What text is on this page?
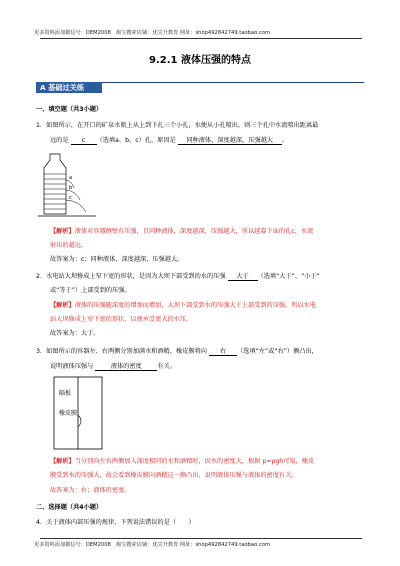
更多资料添加微信号：DEM2008　淘宝搜索店铺：优尖升教育 网址：shop492842749.taobao.com
9.2.1 液体压强的特点
A 基础过关练
一、填空题（共3小题）
1．如图所示，在开口的矿泉水瓶上从上到下扎三个小孔，水便从小孔喷出，则三个孔中水流喷出距离最
远的是 c （选填a、b、c）孔，原因是 同种液体，深度越深，压强越大 。
a
b
c
【解析】液体对容器侧壁有压强，且同种液体，深度越深，压强越大，所以越靠下面的孔c，水流
射出的越远。
故答案为：c；同种液体，深度越深，压强越大。
2．水电站大坝修成上窄下宽的形状，是因为大坝下部受到的水的压强 大于 （选填“大于”、“小于”
或“等于”）上部受到的压强。
【解析】液体的压强随深度的增加而增加，大坝下部受到水的压强大于上部受到的压强，所以水电
站大坝修成上窄下宽的形状，以便承受更大的水压。
故答案为：大于。
3．如图所示的容器左、右两侧分别加满水和酒精，橡皮膜将向 右 （选填“左”或“右”）侧凸出，
说明液体压强与	液体的密度	有关。
隔板
橡皮膜
【解析】当分别向左右两侧加入深度相同的水和酒精时，因水的密度大，根据 p=ρgh可知，橡皮
膜受到水的压强大，故会看到橡皮膜向酒精这一侧凸出，说明液体压强与液体的密度有关。
故答案为：右；液体的密度。
二、选择题（共4小题）
4．关于液体内部压强的规律，下列说法错误的是（　　）
更多资料添加微信号：DEM2008　淘宝搜索店铺：优尖升教育 网址：shop492842749.taobao.com
